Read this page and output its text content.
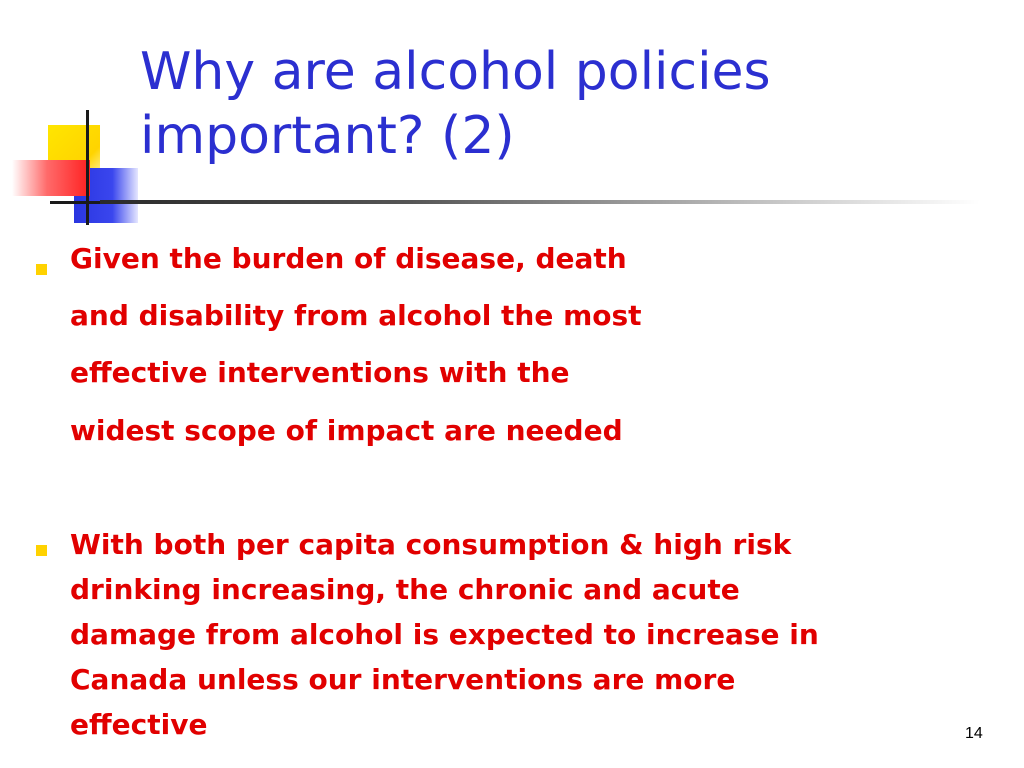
Why are alcohol policies
important? (2)
Given the burden of disease, death
and disability from alcohol the most
effective interventions with the
widest scope of impact are needed
With both per capita consumption & high risk
drinking increasing, the chronic and acute
damage from alcohol is expected to increase in
Canada unless our interventions are more
effective	14
